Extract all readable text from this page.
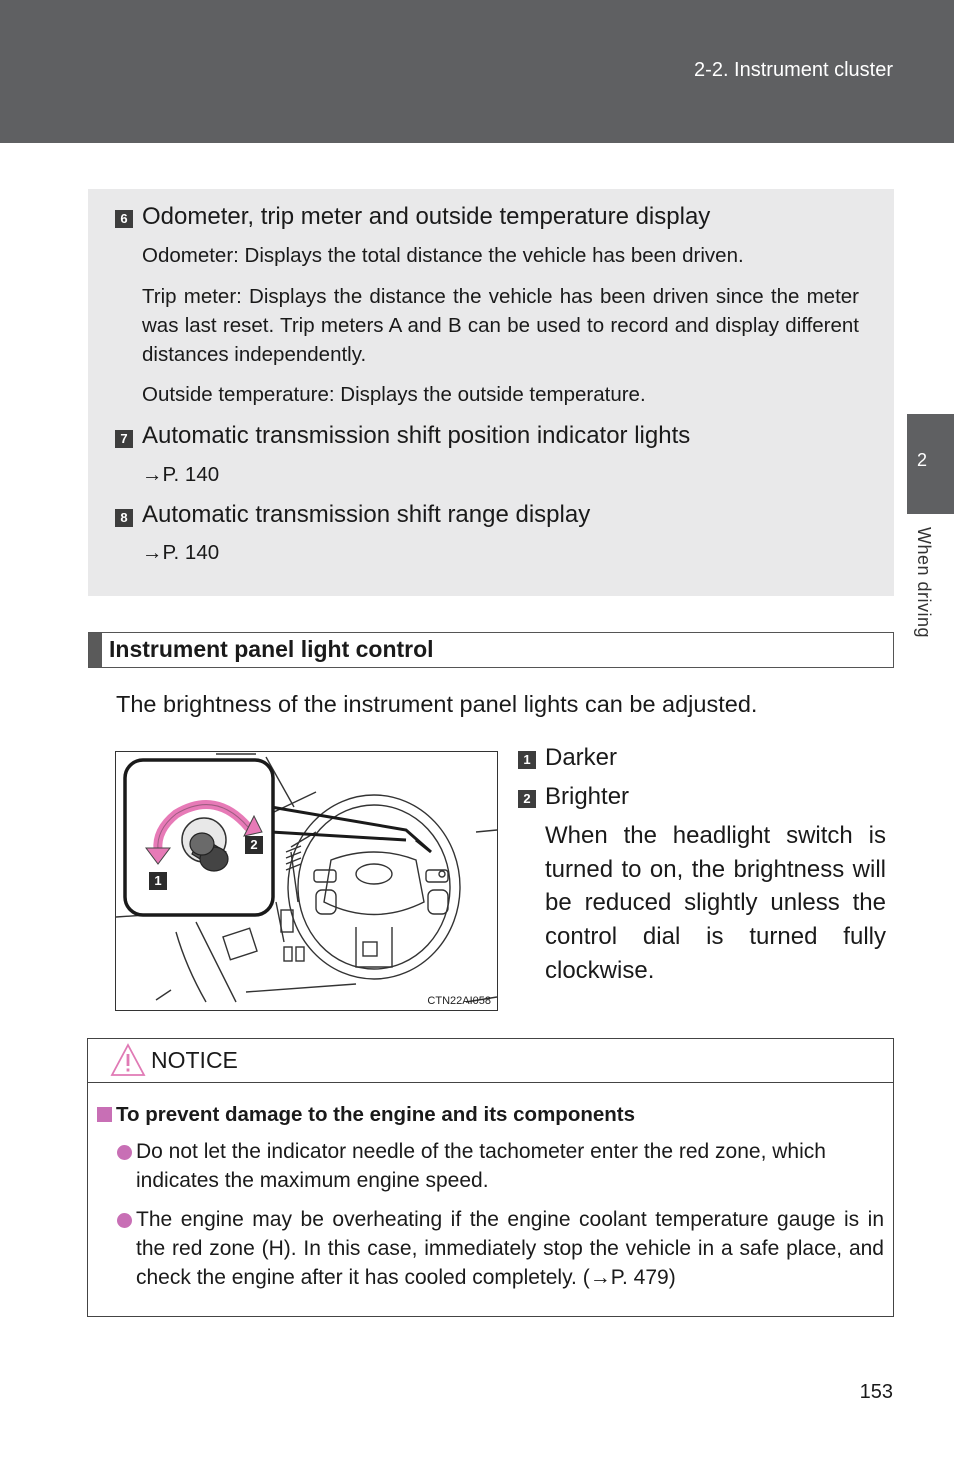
2-2. Instrument cluster
2
When driving
6 Odometer, trip meter and outside temperature display
Odometer: Displays the total distance the vehicle has been driven.
Trip meter: Displays the distance the vehicle has been driven since the meter was last reset. Trip meters A and B can be used to record and display different distances independently.
Outside temperature: Displays the outside temperature.
7 Automatic transmission shift position indicator lights
→P. 140
8 Automatic transmission shift range display
→P. 140
Instrument panel light control
The brightness of the instrument panel lights can be adjusted.
2
1
CTN22AI058
1 Darker
2 Brighter
When the headlight switch is turned to on, the brightness will be reduced slightly unless the control dial is turned fully clockwise.
NOTICE
To prevent damage to the engine and its components
Do not let the indicator needle of the tachometer enter the red zone, which indicates the maximum engine speed.
The engine may be overheating if the engine coolant temperature gauge is in the red zone (H). In this case, immediately stop the vehicle in a safe place, and check the engine after it has cooled completely. (→P. 479)
153
